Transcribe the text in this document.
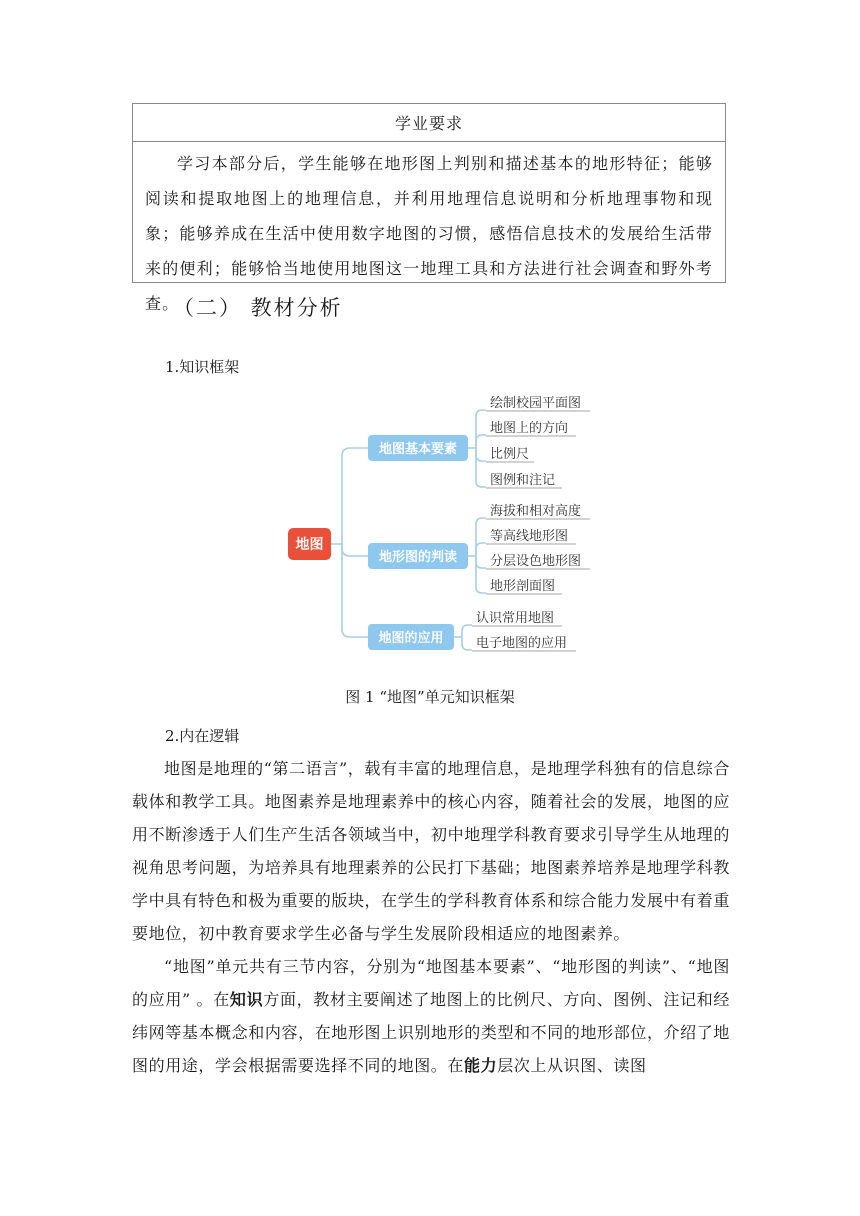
学业要求
学习本部分后，学生能够在地形图上判别和描述基本的地形特征；能够阅读和提取地图上的地理信息，并利用地理信息说明和分析地理事物和现象；能够养成在生活中使用数字地图的习惯，感悟信息技术的发展给生活带来的便利；能够恰当地使用地图这一地理工具和方法进行社会调查和野外考查。
（二） 教材分析
1.知识框架
地图
地图基本要素
绘制校园平面图
地图上的方向
比例尺
图例和注记
地形图的判读
海拔和相对高度
等高线地形图
分层设色地形图
地形剖面图
地图的应用
认识常用地图
电子地图的应用
图 1 “地图”单元知识框架
2.内在逻辑

地图是地理的“第二语言”，载有丰富的地理信息，是地理学科独有的信息综合载体和教学工具。地图素养是地理素养中的核心内容，随着社会的发展，地图的应用不断渗透于人们生产生活各领域当中，初中地理学科教育要求引导学生从地理的视角思考问题，为培养具有地理素养的公民打下基础；地图素养培养是地理学科教学中具有特色和极为重要的版块，在学生的学科教育体系和综合能力发展中有着重要地位，初中教育要求学生必备与学生发展阶段相适应的地图素养。

“地图”单元共有三节内容，分别为“地图基本要素”、“地形图的判读”、“地图的应用” 。在知识方面，教材主要阐述了地图上的比例尺、方向、图例、注记和经纬网等基本概念和内容，在地形图上识别地形的类型和不同的地形部位，介绍了地图的用途，学会根据需要选择不同的地图。在能力层次上从识图、读图
